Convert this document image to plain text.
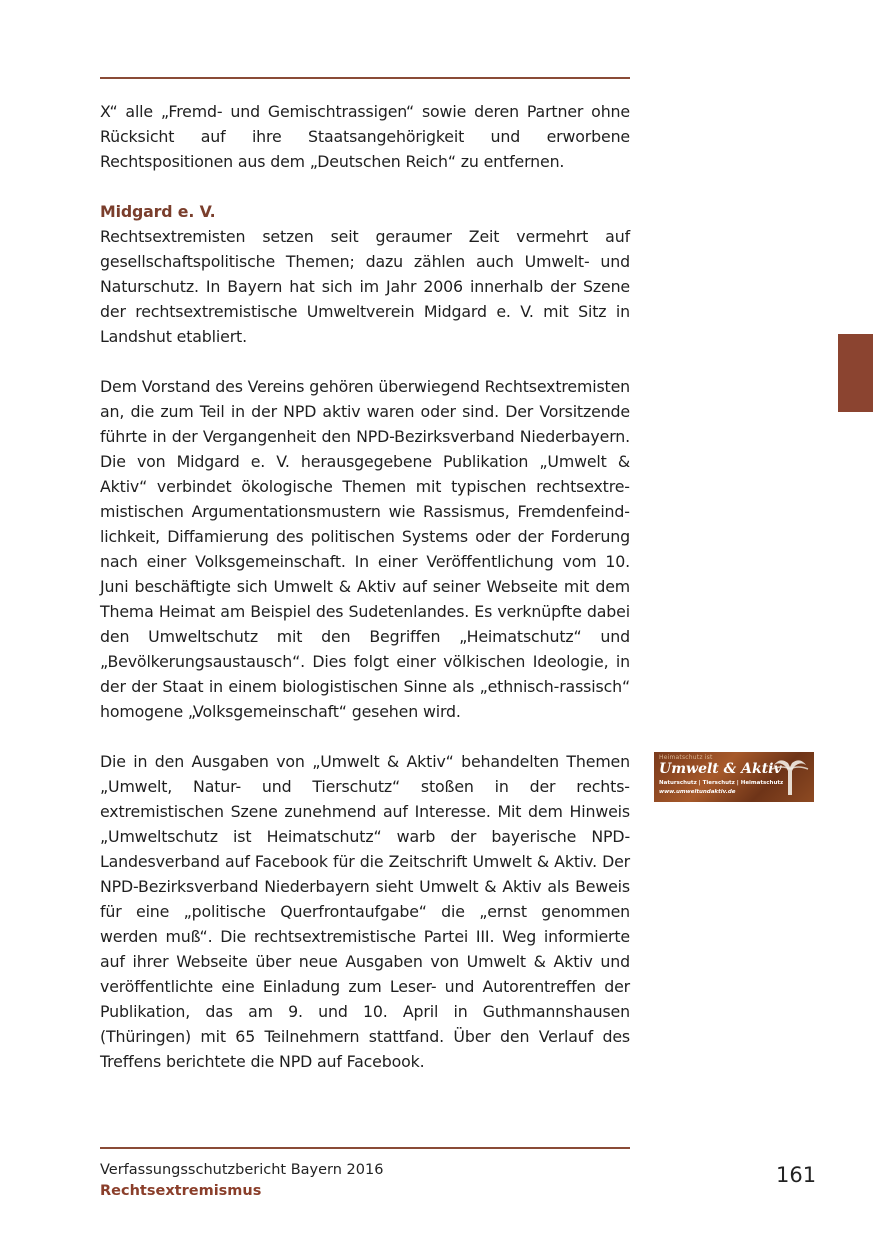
X“ alle „Fremd- und Gemischtrassigen“ sowie deren Partner ohne Rücksicht auf ihre Staatsangehörigkeit und erworbene Rechtspositionen aus dem „Deutschen Reich“ zu entfernen.

Midgard e. V.

Rechtsextremisten setzen seit geraumer Zeit vermehrt auf gesellschaftspolitische Themen; dazu zählen auch Umwelt- und Naturschutz. In Bayern hat sich im Jahr 2006 innerhalb der Szene der rechtsextremistische Umweltverein Midgard e. V. mit Sitz in Landshut etabliert.

Dem Vorstand des Vereins gehören überwiegend Rechtsextremisten an, die zum Teil in der NPD aktiv waren oder sind. Der Vorsitzende führte in der Vergangenheit den NPD-Bezirksverband Niederbayern. Die von Midgard e. V. herausgegebene Publikation „Umwelt & Aktiv“ verbindet ökologische Themen mit typischen rechtsextremistischen Argumentationsmustern wie Rassismus, Fremdenfeindlichkeit, Diffamierung des politischen Systems oder der Forderung nach einer Volksgemeinschaft. In einer Veröffentlichung vom 10. Juni beschäftigte sich Umwelt & Aktiv auf seiner Webseite mit dem Thema Heimat am Beispiel des Sudetenlandes. Es verknüpfte dabei den Umweltschutz mit den Begriffen „Heimatschutz“ und „Bevölkerungsaustausch“. Dies folgt einer völkischen Ideologie, in der der Staat in einem biologistischen Sinne als „ethnisch-rassisch“ homogene „Volksgemeinschaft“ gesehen wird.

Die in den Ausgaben von „Umwelt & Aktiv“ behandelten Themen „Umwelt, Natur- und Tierschutz“ stoßen in der rechtsextremistischen Szene zunehmend auf Interesse. Mit dem Hinweis „Umweltschutz ist Heimatschutz“ warb der bayerische NPD-Landesverband auf Facebook für die Zeitschrift Umwelt & Aktiv. Der NPD-Bezirksverband Niederbayern sieht Umwelt & Aktiv als Beweis für eine „politische Querfrontaufgabe“ die „ernst genommen werden muß“. Die rechtsextremistische Partei III. Weg informierte auf ihrer Webseite über neue Ausgaben von Umwelt & Aktiv und veröffentlichte eine Einladung zum Leser- und Autorentreffen der Publikation, das am 9. und 10. April in Guthmannshausen (Thüringen) mit 65 Teilnehmern stattfand. Über den Verlauf des Treffens berichtete die NPD auf Facebook.

Heimatschutz ist
Umwelt & Aktiv
Naturschutz | Tierschutz | Heimatschutz
www.umweltundaktiv.de
Verfassungsschutzbericht Bayern 2016
Rechtsextremismus
161
